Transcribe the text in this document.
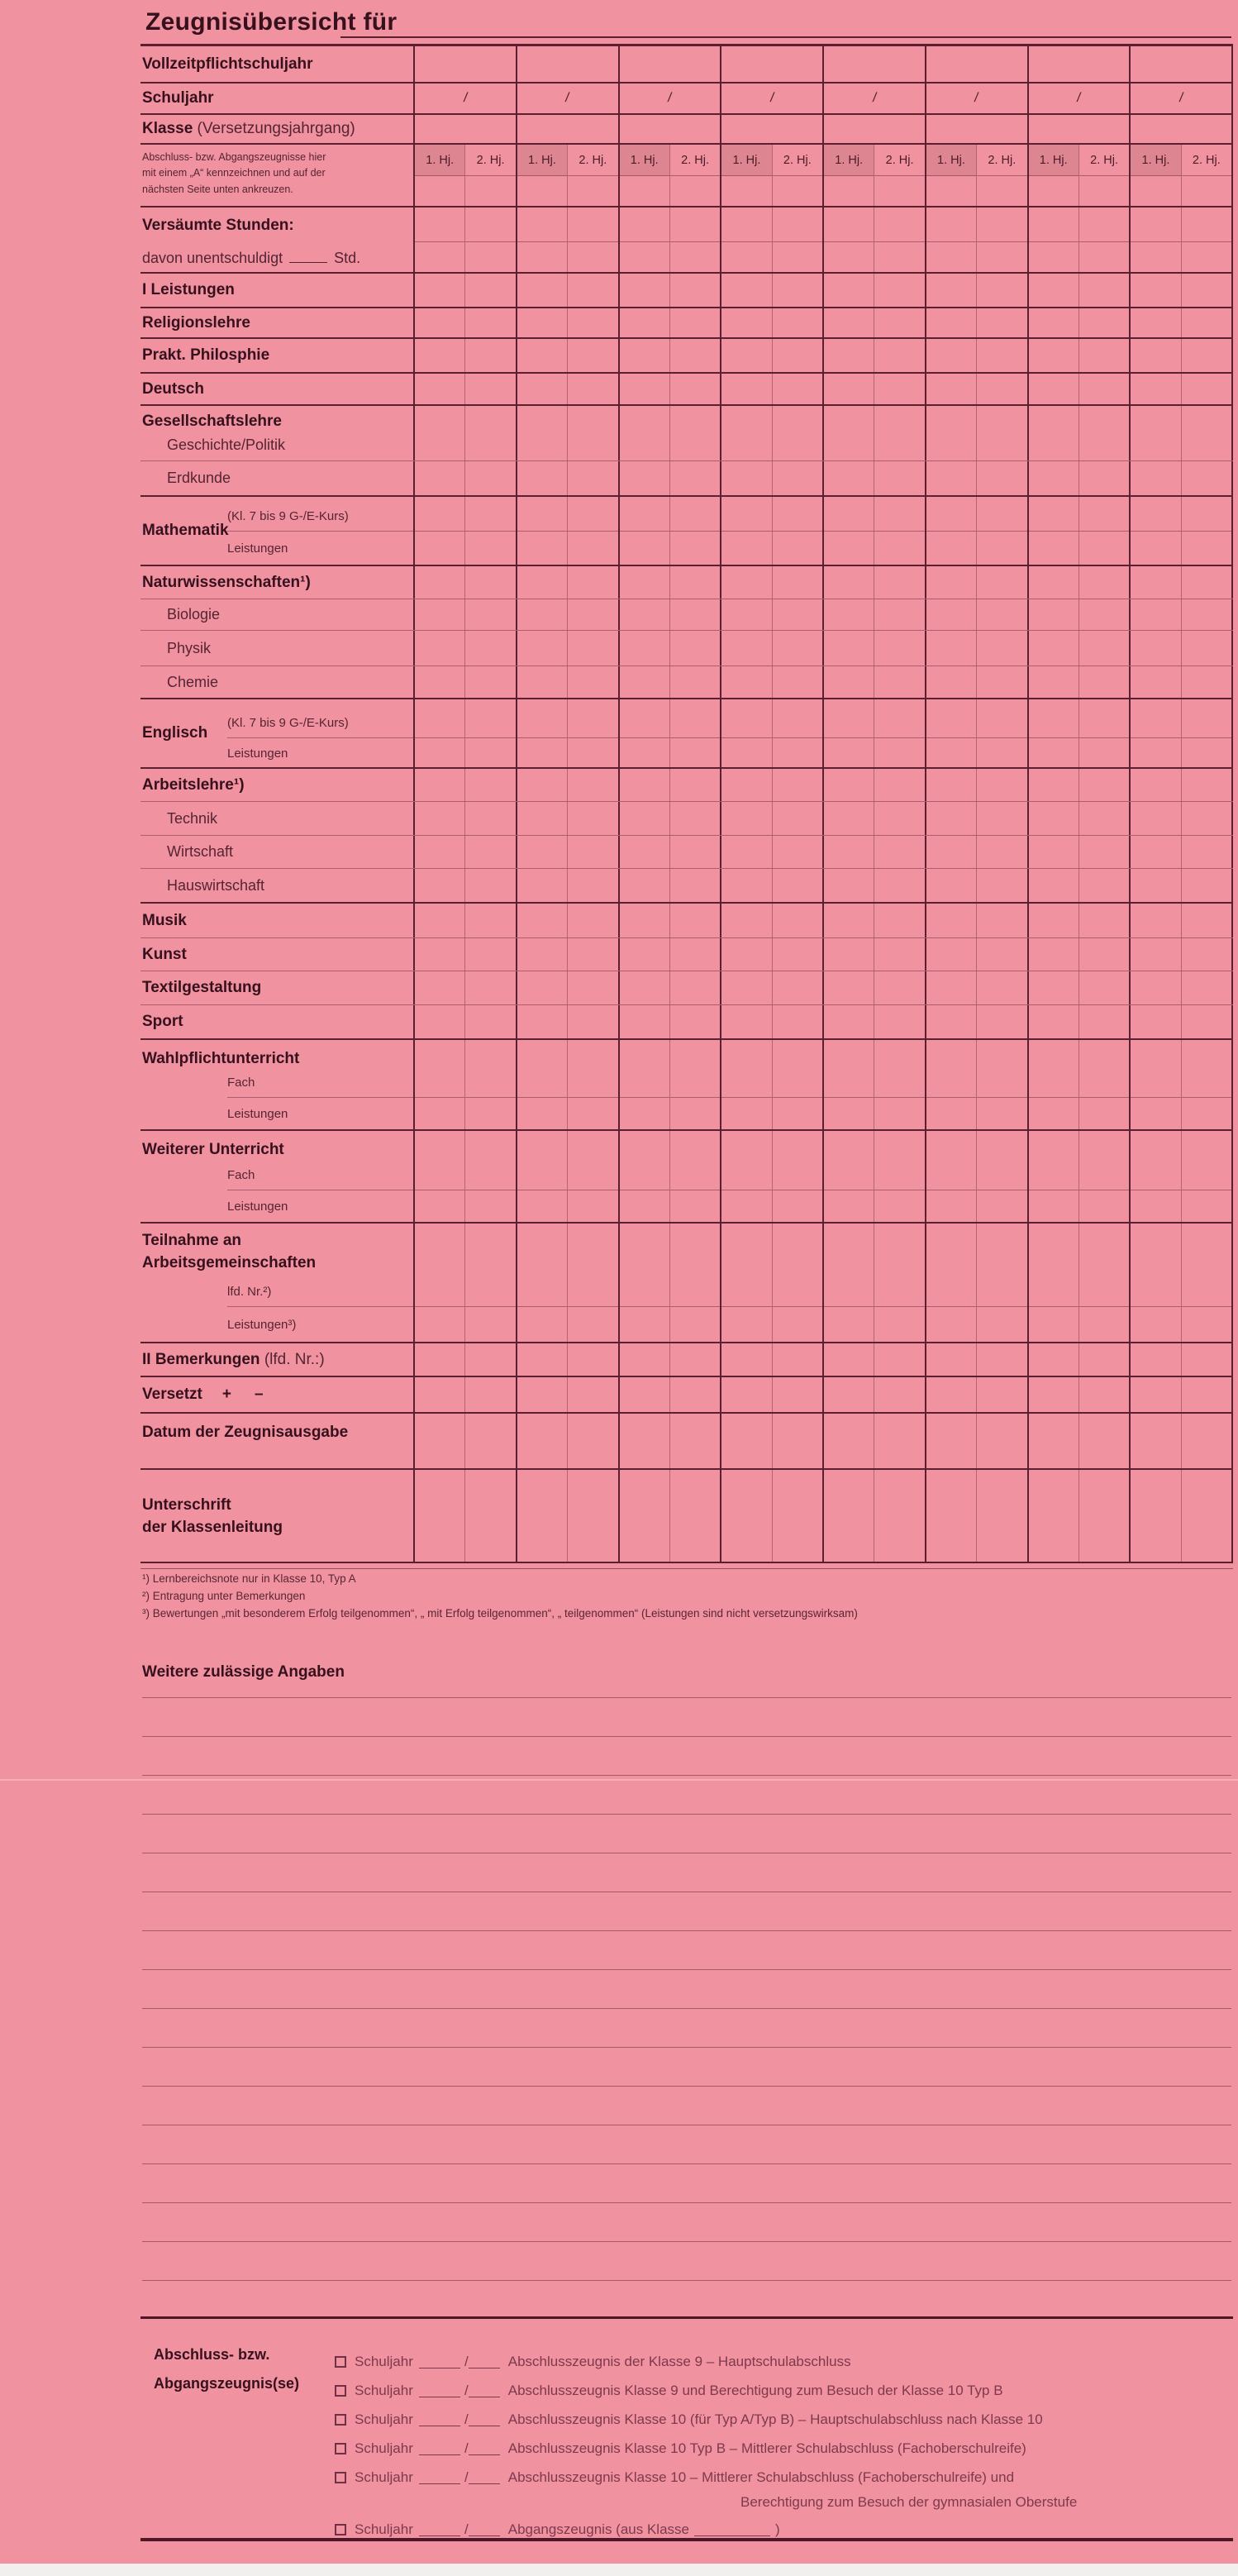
Zeugnisübersicht für
Vollzeitpflichtschuljahr
Schuljahr	/	/	/	/	/	/	/	/
Klasse (Versetzungsjahrgang)
Abschluss- bzw. Abgangszeugnisse hier
mit einem „A“ kennzeichnen und auf der
nächsten Seite unten ankreuzen.
1. Hj.	2. Hj.	1. Hj.	2. Hj.	1. Hj.	2. Hj.	1. Hj.	2. Hj.	1. Hj.	2. Hj.	1. Hj.	2. Hj.	1. Hj.	2. Hj.	1. Hj.	2. Hj.
Versäumte Stunden:
davon unentschuldigt	Std.
I Leistungen
Religionslehre
Prakt. Philosphie
Deutsch
Gesellschaftslehre
Geschichte/Politik
Erdkunde
Mathematik
(Kl. 7 bis 9 G-/E-Kurs)
Leistungen
Naturwissenschaften¹)
Biologie
Physik
Chemie
Englisch
(Kl. 7 bis 9 G-/E-Kurs)
Leistungen
Arbeitslehre¹)
Technik
Wirtschaft
Hauswirtschaft
Musik
Kunst
Textilgestaltung
Sport
Wahlpflichtunterricht
Fach
Leistungen
Weiterer Unterricht
Fach
Leistungen
Teilnahme an
Arbeitsgemeinschaften
lfd. Nr.²)
Leistungen³)
II Bemerkungen (lfd. Nr.:)
Versetzt + –
Datum der Zeugnisausgabe
Unterschrift
der Klassenleitung
¹) Lernbereichsnote nur in Klasse 10, Typ A
²) Entragung unter Bemerkungen
³) Bewertungen „mit besonderem Erfolg teilgenommen“, „ mit Erfolg teilgenommen“, „ teilgenommen“ (Leistungen sind nicht versetzungswirksam)
Weitere zulässige Angaben
Abschluss- bzw.
Abgangszeugnis(se)
Schuljahr	/	Abschlusszeugnis der Klasse 9 – Hauptschulabschluss
Schuljahr	/	Abschlusszeugnis Klasse 9 und Berechtigung zum Besuch der Klasse 10 Typ B
Schuljahr	/	Abschlusszeugnis Klasse 10 (für Typ A/Typ B) – Hauptschulabschluss nach Klasse 10
Schuljahr	/	Abschlusszeugnis Klasse 10 Typ B – Mittlerer Schulabschluss (Fachoberschulreife)
Schuljahr	/	Abschlusszeugnis Klasse 10 – Mittlerer Schulabschluss (Fachoberschulreife) und
Berechtigung zum Besuch der gymnasialen Oberstufe
Schuljahr	/	Abgangszeugnis (aus Klasse	)
